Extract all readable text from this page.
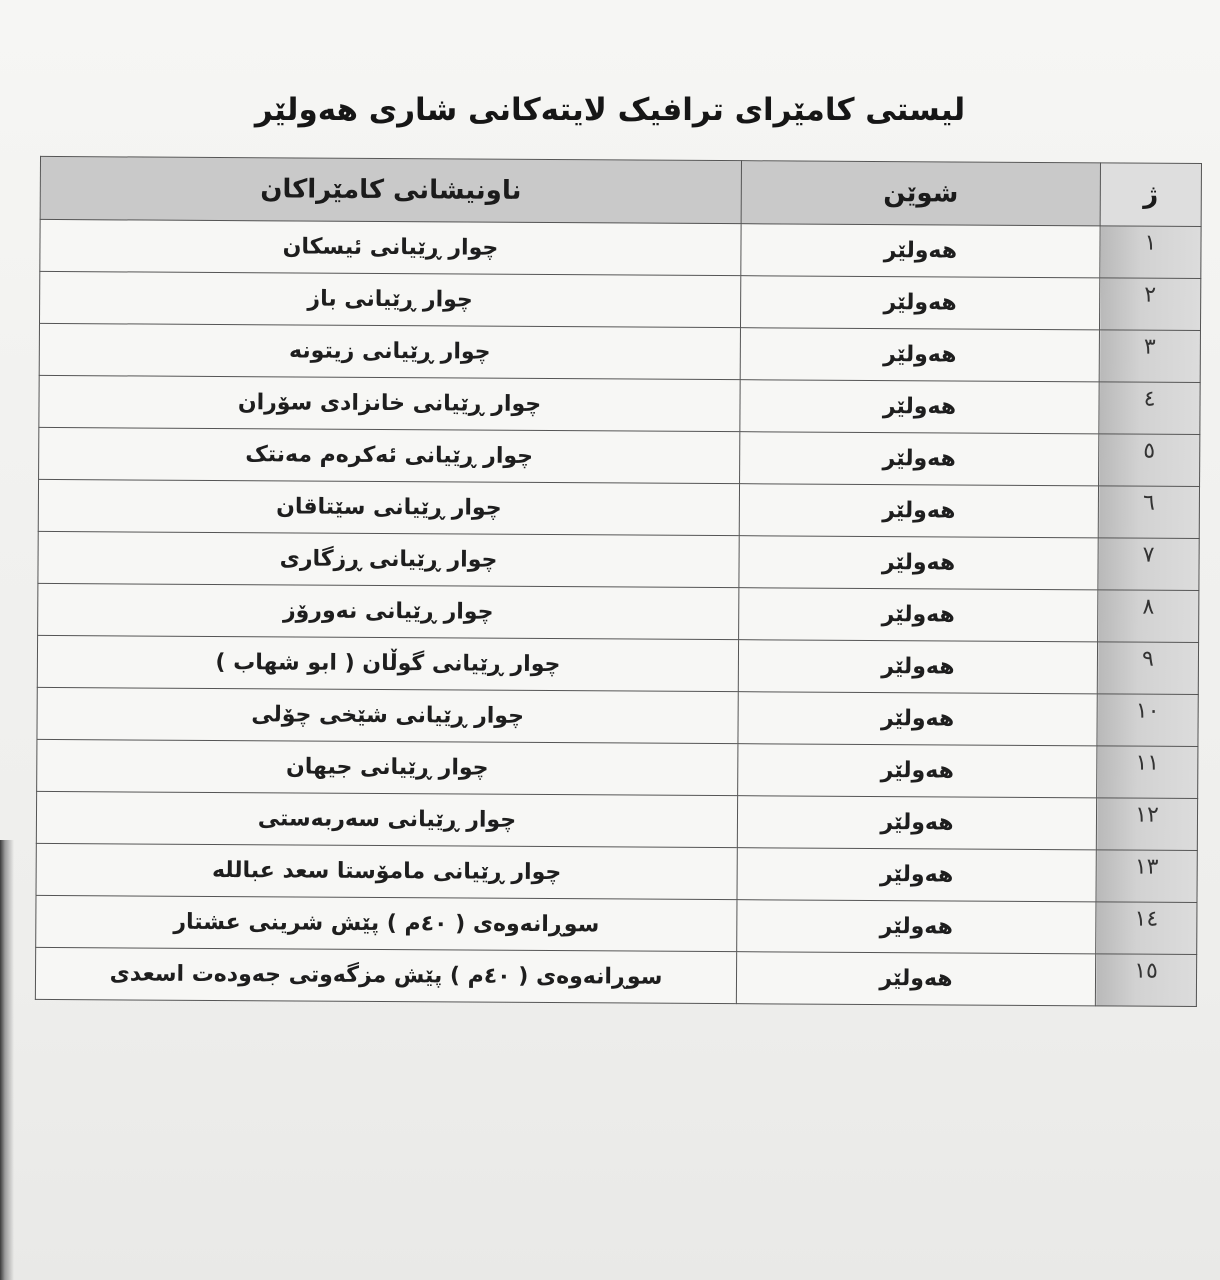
لیستی کامێرای ترافیک لایتەکانی شاری هەولێر
ژ	شوێن	ناونیشانی کامێراکان
١	هەولێر	چوار ڕێیانی ئیسکان
٢	هەولێر	چوار ڕێیانی باز
٣	هەولێر	چوار ڕێیانی زیتونە
٤	هەولێر	چوار ڕێیانی خانزادی سۆران
٥	هەولێر	چوار ڕێیانی ئەکرەم مەنتک
٦	هەولێر	چوار ڕێیانی سێتاقان
٧	هەولێر	چوار ڕێیانی ڕزگاری
٨	هەولێر	چوار ڕێیانی نەورۆز
٩	هەولێر	چوار ڕێیانی گوڵان ( ابو شهاب )
١٠	هەولێر	چوار ڕێیانی شێخی چۆلی
١١	هەولێر	چوار ڕێیانی جیهان
١٢	هەولێر	چوار ڕێیانی سەربەستی
١٣	هەولێر	چوار ڕێیانی مامۆستا سعد عبالله
١٤	هەولێر	سوڕانەوەی ( ٤٠م ) پێش شرینی عشتار
١٥	هەولێر	سوڕانەوەی ( ٤٠م ) پێش مزگەوتی جەودەت اسعدی
